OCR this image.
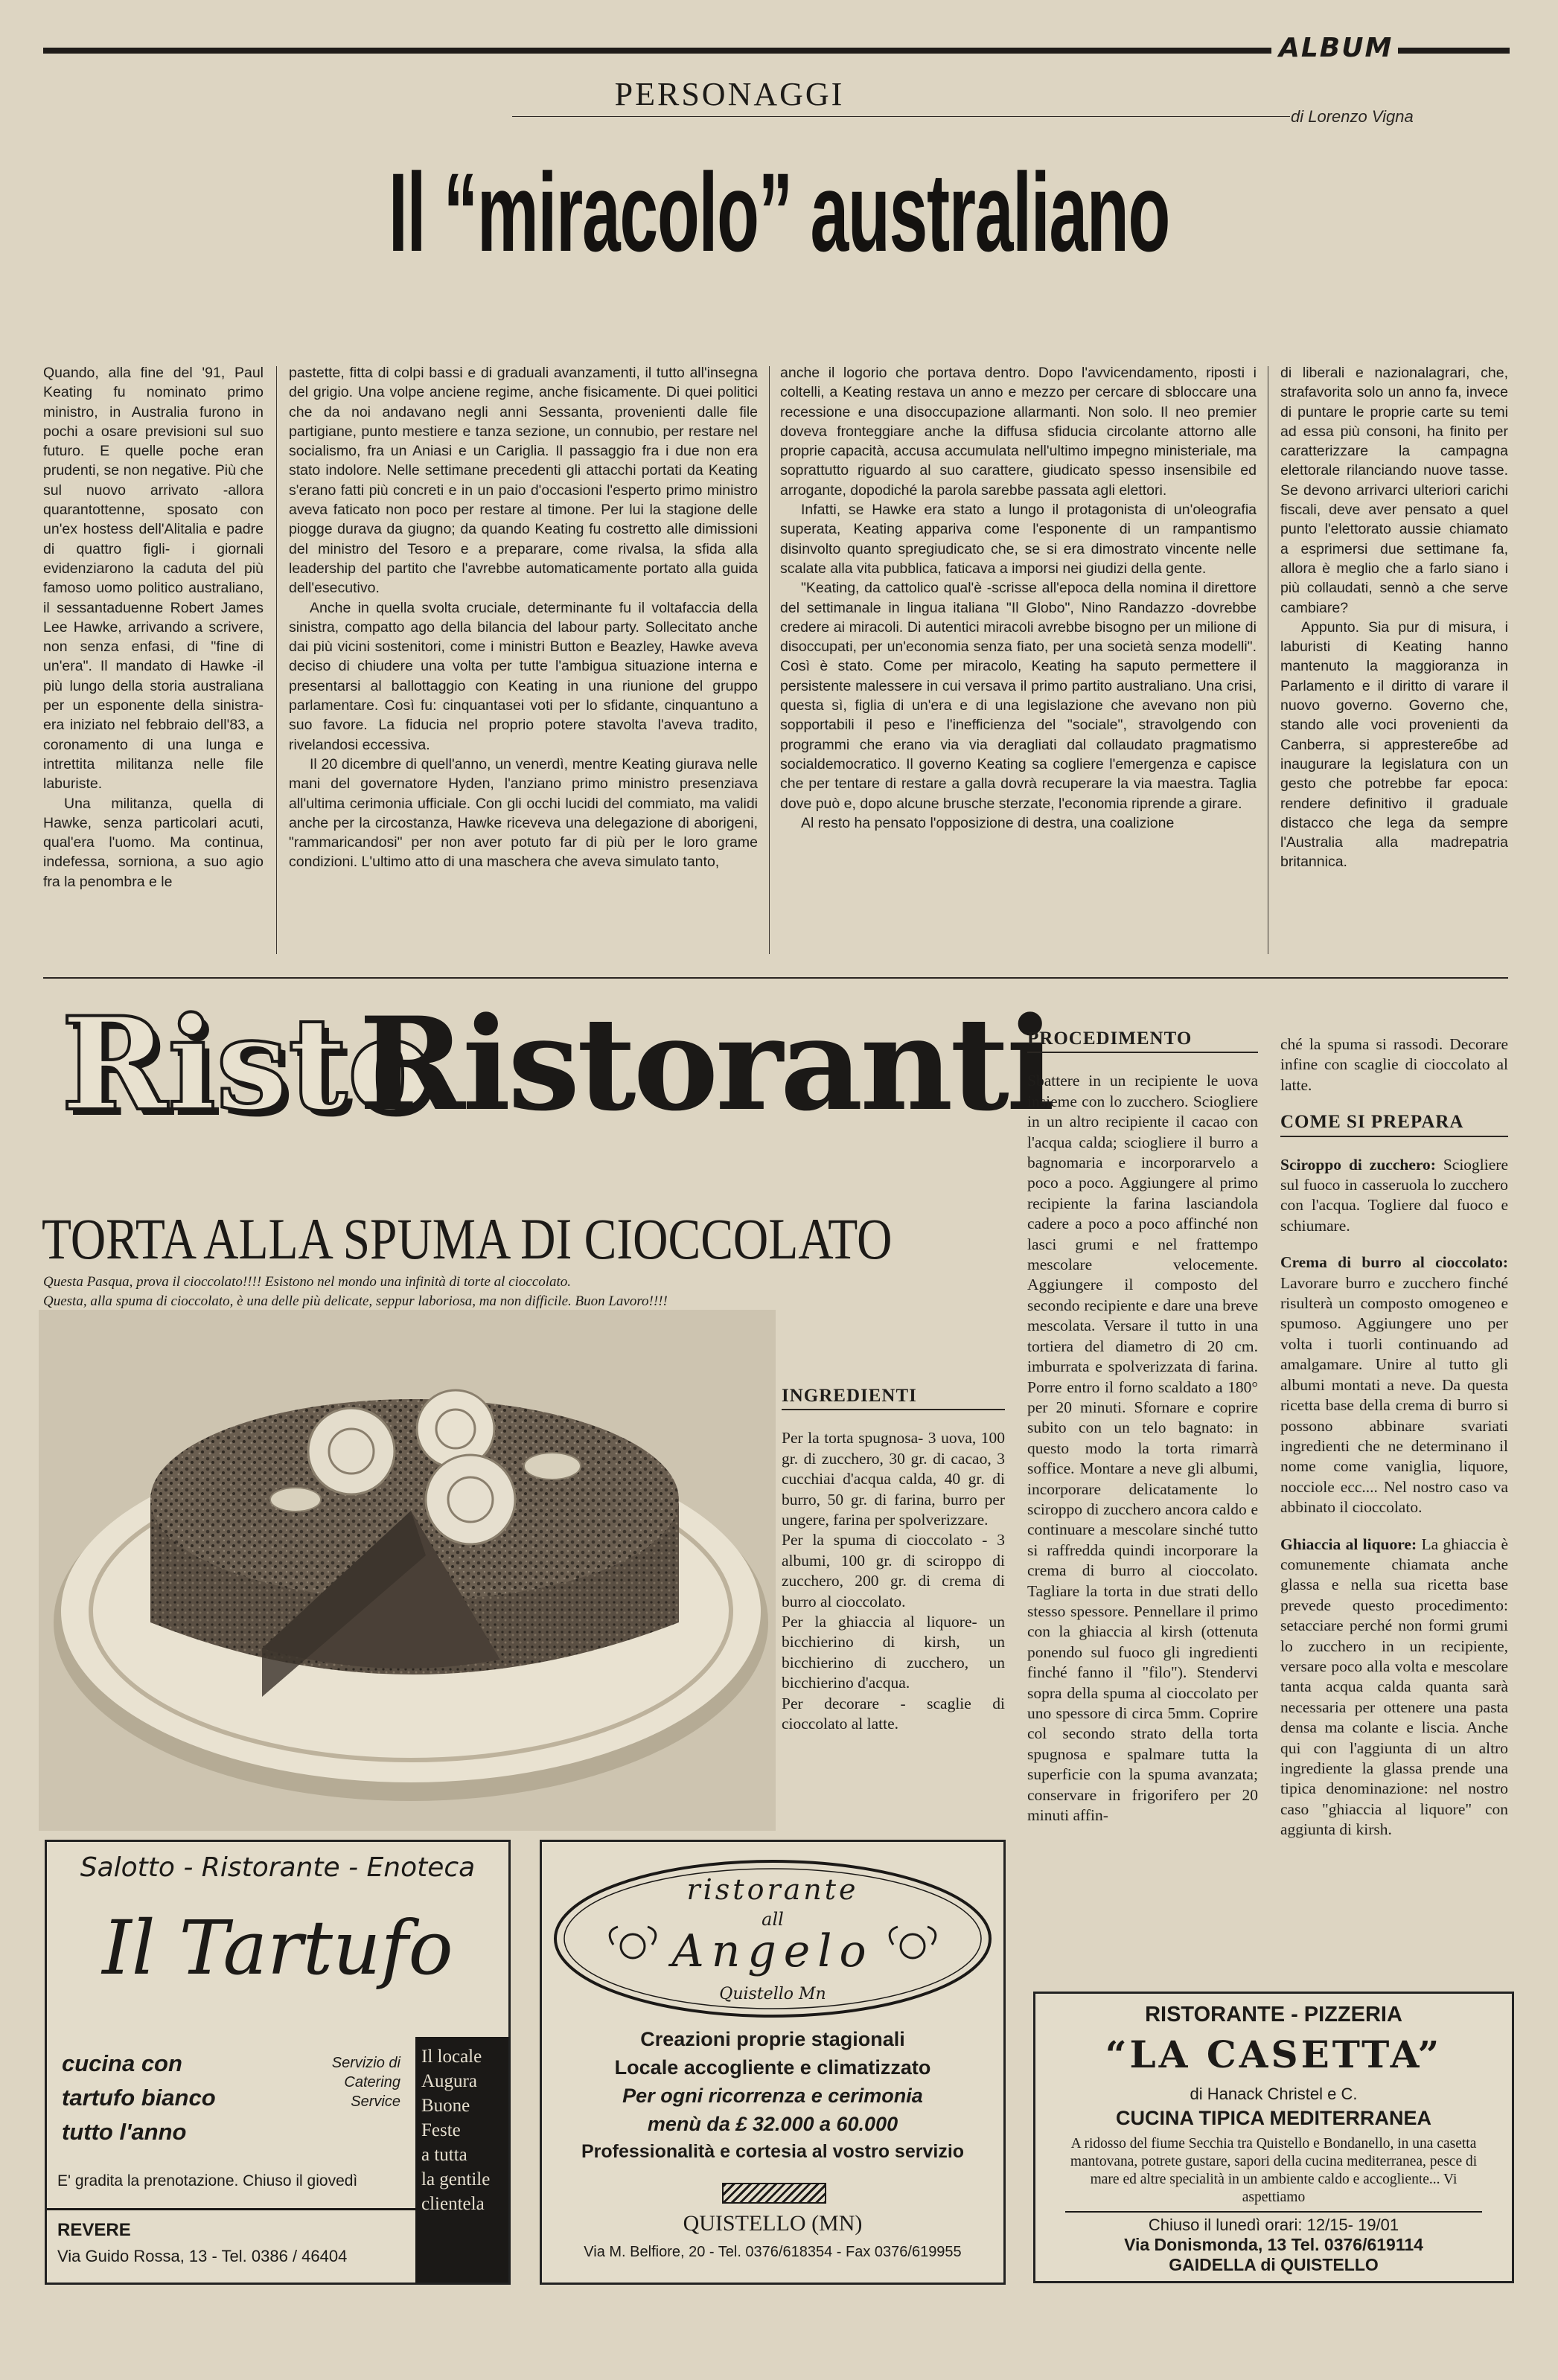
ALBUM
PERSONAGGI
di Lorenzo Vigna
Il “miracolo” australiano

Quando, alla fine del '91, Paul Keating fu nominato primo ministro, in Australia furono in pochi a osare previsioni sul suo futuro. E quelle poche eran prudenti, se non negative. Più che sul nuovo arrivato -allora quarantottenne, sposato con un'ex hostess dell'Alitalia e padre di quattro figli- i giornali evidenziarono la caduta del più famoso uomo politico australiano, il sessantaduenne Robert James Lee Hawke, arrivando a scrivere, non senza enfasi, di "fine di un'era". Il mandato di Hawke -il più lungo della storia australiana per un esponente della sinistra- era iniziato nel febbraio dell'83, a coronamento di una lunga e intrettita militanza nelle file laburiste.

Una militanza, quella di Hawke, senza particolari acuti, qual'era l'uomo. Ma continua, indefessa, sorniona, a suo agio fra la penombra e le

pastette, fitta di colpi bassi e di graduali avanzamenti, il tutto all'insegna del grigio. Una volpe anciene regime, anche fisicamente. Di quei politici che da noi andavano negli anni Sessanta, provenienti dalle file partigiane, punto mestiere e tanza sezione, un connubio, per restare nel socialismo, fra un Aniasi e un Cariglia. Il passaggio fra i due non era stato indolore. Nelle settimane precedenti gli attacchi portati da Keating s'erano fatti più concreti e in un paio d'occasioni l'esperto primo ministro aveva faticato non poco per restare al timone. Per lui la stagione delle piogge durava da giugno; da quando Keating fu costretto alle dimissioni del ministro del Tesoro e a preparare, come rivalsa, la sfida alla leadership del partito che l'avrebbe automaticamente portato alla guida dell'esecutivo.

Anche in quella svolta cruciale, determinante fu il voltafaccia della sinistra, compatto ago della bilancia del labour party. Sollecitato anche dai più vicini sostenitori, come i ministri Button e Beazley, Hawke aveva deciso di chiudere una volta per tutte l'ambigua situazione interna e presentarsi al ballottaggio con Keating in una riunione del gruppo parlamentare. Così fu: cinquantasei voti per lo sfidante, cinquantuno a suo favore. La fiducia nel proprio potere stavolta l'aveva tradito, rivelandosi eccessiva.

Il 20 dicembre di quell'anno, un venerdì, mentre Keating giurava nelle mani del governatore Hyden, l'anziano primo ministro presenziava all'ultima cerimonia ufficiale. Con gli occhi lucidi del commiato, ma validi anche per la circostanza, Hawke riceveva una delegazione di aborigeni, "rammaricandosi" per non aver potuto far di più per le loro grame condizioni. L'ultimo atto di una maschera che aveva simulato tanto,

anche il logorio che portava dentro. Dopo l'avvicendamento, riposti i coltelli, a Keating restava un anno e mezzo per cercare di sbloccare una recessione e una disoccupazione allarmanti. Non solo. Il neo premier doveva fronteggiare anche la diffusa sfiducia circolante attorno alle proprie capacità, accusa accumulata nell'ultimo impegno ministeriale, ma soprattutto riguardo al suo carattere, giudicato spesso insensibile ed arrogante, dopodiché la parola sarebbe passata agli elettori.

Infatti, se Hawke era stato a lungo il protagonista di un'oleografia superata, Keating appariva come l'esponente di un rampantismo disinvolto quanto spregiudicato che, se si era dimostrato vincente nelle scalate alla vita pubblica, faticava a imporsi nei giudizi della gente.

"Keating, da cattolico qual'è -scrisse all'epoca della nomina il direttore del settimanale in lingua italiana "Il Globo", Nino Randazzo -dovrebbe credere ai miracoli. Di autentici miracoli avrebbe bisogno per un milione di disoccupati, per un'economia senza fiato, per una società senza modelli". Così è stato. Come per miracolo, Keating ha saputo permettere il persistente malessere in cui versava il primo partito australiano. Una crisi, questa sì, figlia di un'era e di una legislazione che avevano non più sopportabili il peso e l'inefficienza del "sociale", stravolgendo con programmi che erano via via deragliati dal collaudato pragmatismo socialdemocratico. Il governo Keating sa cogliere l'emergenza e capisce che per tentare di restare a galla dovrà recuperare la via maestra. Taglia dove può e, dopo alcune brusche sterzate, l'economia riprende a girare.

Al resto ha pensato l'opposizione di destra, una coalizione

di liberali e nazionalagrari, che, strafavorita solo un anno fa, invece di puntare le proprie carte su temi ad essa più consoni, ha finito per caratterizzare la campagna elettorale rilanciando nuove tasse. Se devono arrivarci ulteriori carichi fiscali, deve aver pensato a quel punto l'elettorato aussie chiamato a esprimersi due settimane fa, allora è meglio che a farlo siano i più collaudati, sennò a che serve cambiare?

Appunto. Sia pur di misura, i laburisti di Keating hanno mantenuto la maggioranza in Parlamento e il diritto di varare il nuovo governo. Governo che, stando alle voci provenienti da Canberra, si apprestereбbe ad inaugurare la legislatura con un gesto che potrebbe far epoca: rendere definitivo il graduale distacco che lega da sempre l'Australia alla madrepatria britannica.

Risto
Ristoranti
TORTA ALLA SPUMA DI CIOCCOLATO
Questa Pasqua, prova il cioccolato!!!! Esistono nel mondo una infinità di torte al cioccolato.
Questa, alla spuma di cioccolato, è una delle più delicate, seppur laboriosa, ma non difficile. Buon Lavoro!!!!
INGREDIENTI

Per la torta spugnosa- 3 uova, 100 gr. di zucchero, 30 gr. di cacao, 3 cucchiai d'acqua calda, 40 gr. di burro, 50 gr. di farina, burro per ungere, farina per spolverizzare.

Per la spuma di cioccolato - 3 albumi, 100 gr. di sciroppo di zucchero, 200 gr. di crema di burro al cioccolato.

Per la ghiaccia al liquore- un bicchierino di kirsh, un bicchierino di zucchero, un bicchierino d'acqua.

Per decorare - scaglie di cioccolato al latte.

PROCEDIMENTO

Sbattere in un recipiente le uova insieme con lo zucchero. Sciogliere in un altro recipiente il cacao con l'acqua calda; sciogliere il burro a bagnomaria e incorporarvelo a poco a poco. Aggiungere al primo recipiente la farina lasciandola cadere a poco a poco affinché non lasci grumi e nel frattempo mescolare velocemente. Aggiungere il composto del secondo recipiente e dare una breve mescolata. Versare il tutto in una tortiera del diametro di 20 cm. imburrata e spolverizzata di farina. Porre entro il forno scaldato a 180° per 20 minuti. Sfornare e coprire subito con un telo bagnato: in questo modo la torta rimarrà soffice. Montare a neve gli albumi, incorporare delicatamente lo sciroppo di zucchero ancora caldo e continuare a mescolare sinché tutto si raffredda quindi incorporare la crema di burro al cioccolato. Tagliare la torta in due strati dello stesso spessore. Pennellare il primo con la ghiaccia al kirsh (ottenuta ponendo sul fuoco gli ingredienti finché fanno il "filo"). Stendervi sopra della spuma al cioccolato per uno spessore di circa 5mm. Coprire col secondo strato della torta spugnosa e spalmare tutta la superficie con la spuma avanzata; conservare in frigorifero per 20 minuti affin-

ché la spuma si rassodi. Decorare infine con scaglie di cioccolato al latte.

COME SI PREPARA

Sciroppo di zucchero: Sciogliere sul fuoco in casseruola lo zucchero con l'acqua. Togliere dal fuoco e schiumare.

Crema di burro al cioccolato: Lavorare burro e zucchero finché risulterà un composto omogeneo e spumoso. Aggiungere uno per volta i tuorli continuando ad amalgamare. Unire al tutto gli albumi montati a neve. Da questa ricetta base della crema di burro si possono abbinare svariati ingredienti che ne determinano il nome come vaniglia, liquore, nocciole ecc.... Nel nostro caso va abbinato il cioccolato.

Ghiaccia al liquore: La ghiaccia è comunemente chiamata anche glassa e nella sua ricetta base prevede questo procedimento: setacciare perché non formi grumi lo zucchero in un recipiente, versare poco alla volta e mescolare tanta acqua calda quanta sarà necessaria per ottenere una pasta densa ma colante e liscia. Anche qui con l'aggiunta di un altro ingrediente la glassa prende una tipica denominazione: nel nostro caso "ghiaccia al liquore" con aggiunta di kirsh.

Salotto - Ristorante - Enoteca
Il Tartufo
cucina con
tartufo bianco
tutto l'anno
Servizio di
Catering
Service
E' gradita la prenotazione. Chiuso il giovedì
Il locale
Augura
Buone
Feste
a tutta
la gentile
clientela
REVERE
Via Guido Rossa, 13 - Tel. 0386 / 46404
ristorante
all
Angelo
Quistello Mn
Creazioni proprie stagionali
Locale accogliente e climatizzato
Per ogni ricorrenza e cerimonia
menù da £ 32.000 a 60.000
Professionalità e cortesia al vostro servizio
QUISTELLO (MN)
Via M. Belfiore, 20 - Tel. 0376/618354 - Fax 0376/619955
RISTORANTE - PIZZERIA
“LA CASETTA”
di Hanack Christel e C.
CUCINA TIPICA MEDITERRANEA
A ridosso del fiume Secchia tra Quistello e Bondanello, in una casetta mantovana, potrete gustare, sapori della cucina mediterranea, pesce di mare ed altre specialità in un ambiente caldo e accogliente... Vi aspettiamo
Chiuso il lunedì orari: 12/15- 19/01
Via Donismonda, 13 Tel. 0376/619114
GAIDELLA di QUISTELLO
